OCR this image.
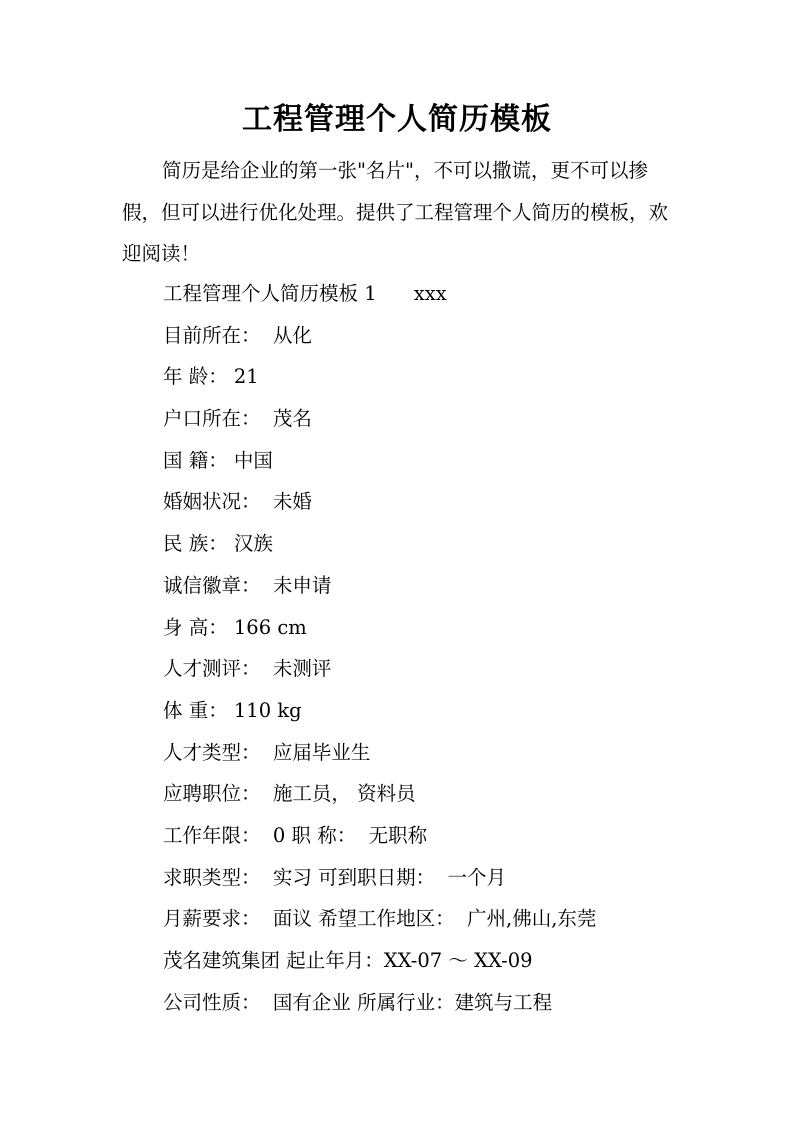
工程管理个人简历模板

简历是给企业的第一张"名片"，不可以撒谎，更不可以掺假，但可以进行优化处理。提供了工程管理个人简历的模板，欢迎阅读！

工程管理个人简历模板 1      xxx
目前所在：  从化
年 龄： 21
户口所在：  茂名
国 籍： 中国
婚姻状况：  未婚
民 族： 汉族
诚信徽章：  未申请
身 高： 166 cm
人才测评：  未测评
体 重： 110 kg
人才类型：  应届毕业生
应聘职位：  施工员， 资料员
工作年限：  0 职 称：  无职称
求职类型：  实习 可到职日期：  一个月
月薪要求：  面议 希望工作地区：  广州,佛山,东莞
茂名建筑集团 起止年月：XX-07 ～ XX-09
公司性质：  国有企业 所属行业：建筑与工程
